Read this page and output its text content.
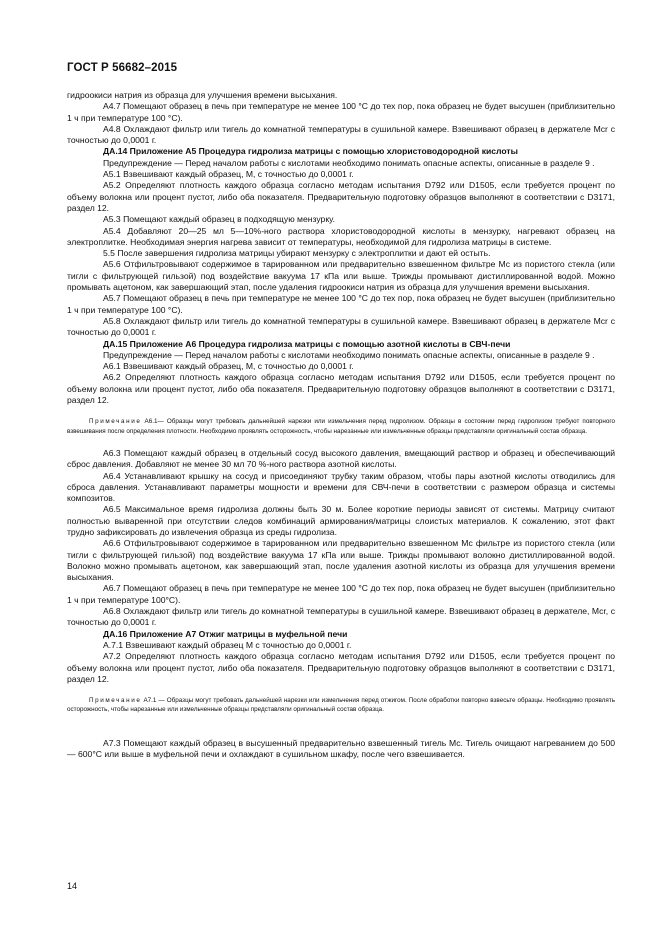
ГОСТ Р 56682–2015

гидроокиси натрия из образца для улучшения времени высыхания.

А4.7 Помещают образец в печь при температуре не менее 100 °С до тех пор, пока образец не будет высушен (приблизительно 1 ч при температуре 100 °С).

А4.8 Охлаждают фильтр или тигель до комнатной температуры в сушильной камере. Взвешивают образец в держателе Мcr с точностью до 0,0001 г.

ДА.14 Приложение А5 Процедура гидролиза матрицы с помощью хлористоводородной кислоты

Предупреждение — Перед началом работы с кислотами необходимо понимать опасные аспекты, описанные в разделе 9 .

А5.1 Взвешивают каждый образец, М, с точностью до 0,0001 г.

А5.2 Определяют плотность каждого образца согласно методам испытания D792 или D1505, если требуется процент по объему волокна или процент пустот, либо оба показателя. Предварительную подготовку образцов выполняют в соответствии с D3171, раздел 12.

А5.3 Помещают каждый образец в подходящую мензурку.

А5.4 Добавляют 20—25 мл 5—10%-ного раствора хлористоводородной кислоты в мензурку, нагревают образец на электроплитке. Необходимая энергия нагрева зависит от температуры, необходимой для гидролиза матрицы в системе.

5.5 После завершения гидролиза матрицы убирают мензурку с электроплитки и дают ей остыть.

А5.6 Отфильтровывают содержимое в тарированном или предварительно взвешенном фильтре Мс из пористого стекла (или тигли с фильтрующей гильзой) под воздействие вакуума 17 кПа или выше. Трижды промывают дистиллированной водой. Можно промывать ацетоном, как завершающий этап, после удаления гидроокиси натрия из образца для улучшения времени высыхания.

А5.7 Помещают образец в печь при температуре не менее 100 °С до тех пор, пока образец не будет высушен (приблизительно 1 ч при температуре 100 °С).

А5.8 Охлаждают фильтр или тигель до комнатной температуры в сушильной камере. Взвешивают образец в держателе Мcr с точностью до 0,0001 г.

ДА.15 Приложение А6 Процедура гидролиза матрицы с помощью азотной кислоты в СВЧ-печи

Предупреждение — Перед началом работы с кислотами необходимо понимать опасные аспекты, описанные в разделе 9 .

А6.1 Взвешивают каждый образец, М, с точностью до 0,0001 г.

А6.2 Определяют плотность каждого образца согласно методам испытания D792 или D1505, если требуется процент по объему волокна или процент пустот, либо оба показателя. Предварительную подготовку образцов выполняют в соответствии с D3171, раздел 12.

Примечание А6.1— Образцы могут требовать дальнейшей нарезки или измельчения перед гидролизом. Образцы в состоянии перед гидролизом требуют повторного взвешивания после определения плотности. Необходимо проявлять осторожность, чтобы нарезанные или измельченные образцы представляли оригинальный состав образца.

А6.3 Помещают каждый образец в отдельный сосуд высокого давления, вмещающий раствор и образец и обеспечивающий сброс давления. Добавляют не менее 30 мл 70 %-ного раствора азотной кислоты.

А6.4 Устанавливают крышку на сосуд и присоединяют трубку таким образом, чтобы пары азотной кислоты отводились для сброса давления. Устанавливают параметры мощности и времени для СВЧ-печи в соответствии с размером образца и системы композитов.

А6.5 Максимальное время гидролиза должны быть 30 м. Более короткие периоды зависят от системы. Матрицу считают полностью вываренной при отсутствии следов комбинаций армирования/матрицы слоистых материалов. К сожалению, этот факт трудно зафиксировать до извлечения образца из среды гидролиза.

А6.6 Отфильтровывают содержимое в тарированном или предварительно взвешенном Мс фильтре из пористого стекла (или тигли с фильтрующей гильзой) под воздействие вакуума 17 кПа или выше. Трижды промывают волокно дистиллированной водой. Волокно можно промывать ацетоном, как завершающий этап, после удаления азотной кислоты из образца для улучшения времени высыхания.

А6.7 Помещают образец в печь при температуре не менее 100 °С до тех пор, пока образец не будет высушен (приблизительно 1 ч при температуре 100°С).

А6.8 Охлаждают фильтр или тигель до комнатной температуры в сушильной камере. Взвешивают образец в держателе, Мcr, с точностью до 0,0001 г.

ДА.16 Приложение А7 Отжиг матрицы в муфельной печи

А.7.1 Взвешивают каждый образец М с точностью до 0,0001 г.

А7.2 Определяют плотность каждого образца согласно методам испытания D792 или D1505, если требуется процент по объему волокна или процент пустот, либо оба показателя. Предварительную подготовку образцов выполняют в соответствии с D3171, раздел 12.

Примечание А7.1 — Образцы могут требовать дальнейшей нарезки или измельчения перед отжигом. После обработки повторно взвесьте образцы. Необходимо проявлять осторожность, чтобы нарезанные или измельченные образцы представляли оригинальный состав образца.

А7.3 Помещают каждый образец в высушенный предварительно взвешенный тигель Мс. Тигель очищают нагреванием до 500 — 600°С или выше в муфельной печи и охлаждают в сушильном шкафу, после чего взвешивается.

14
